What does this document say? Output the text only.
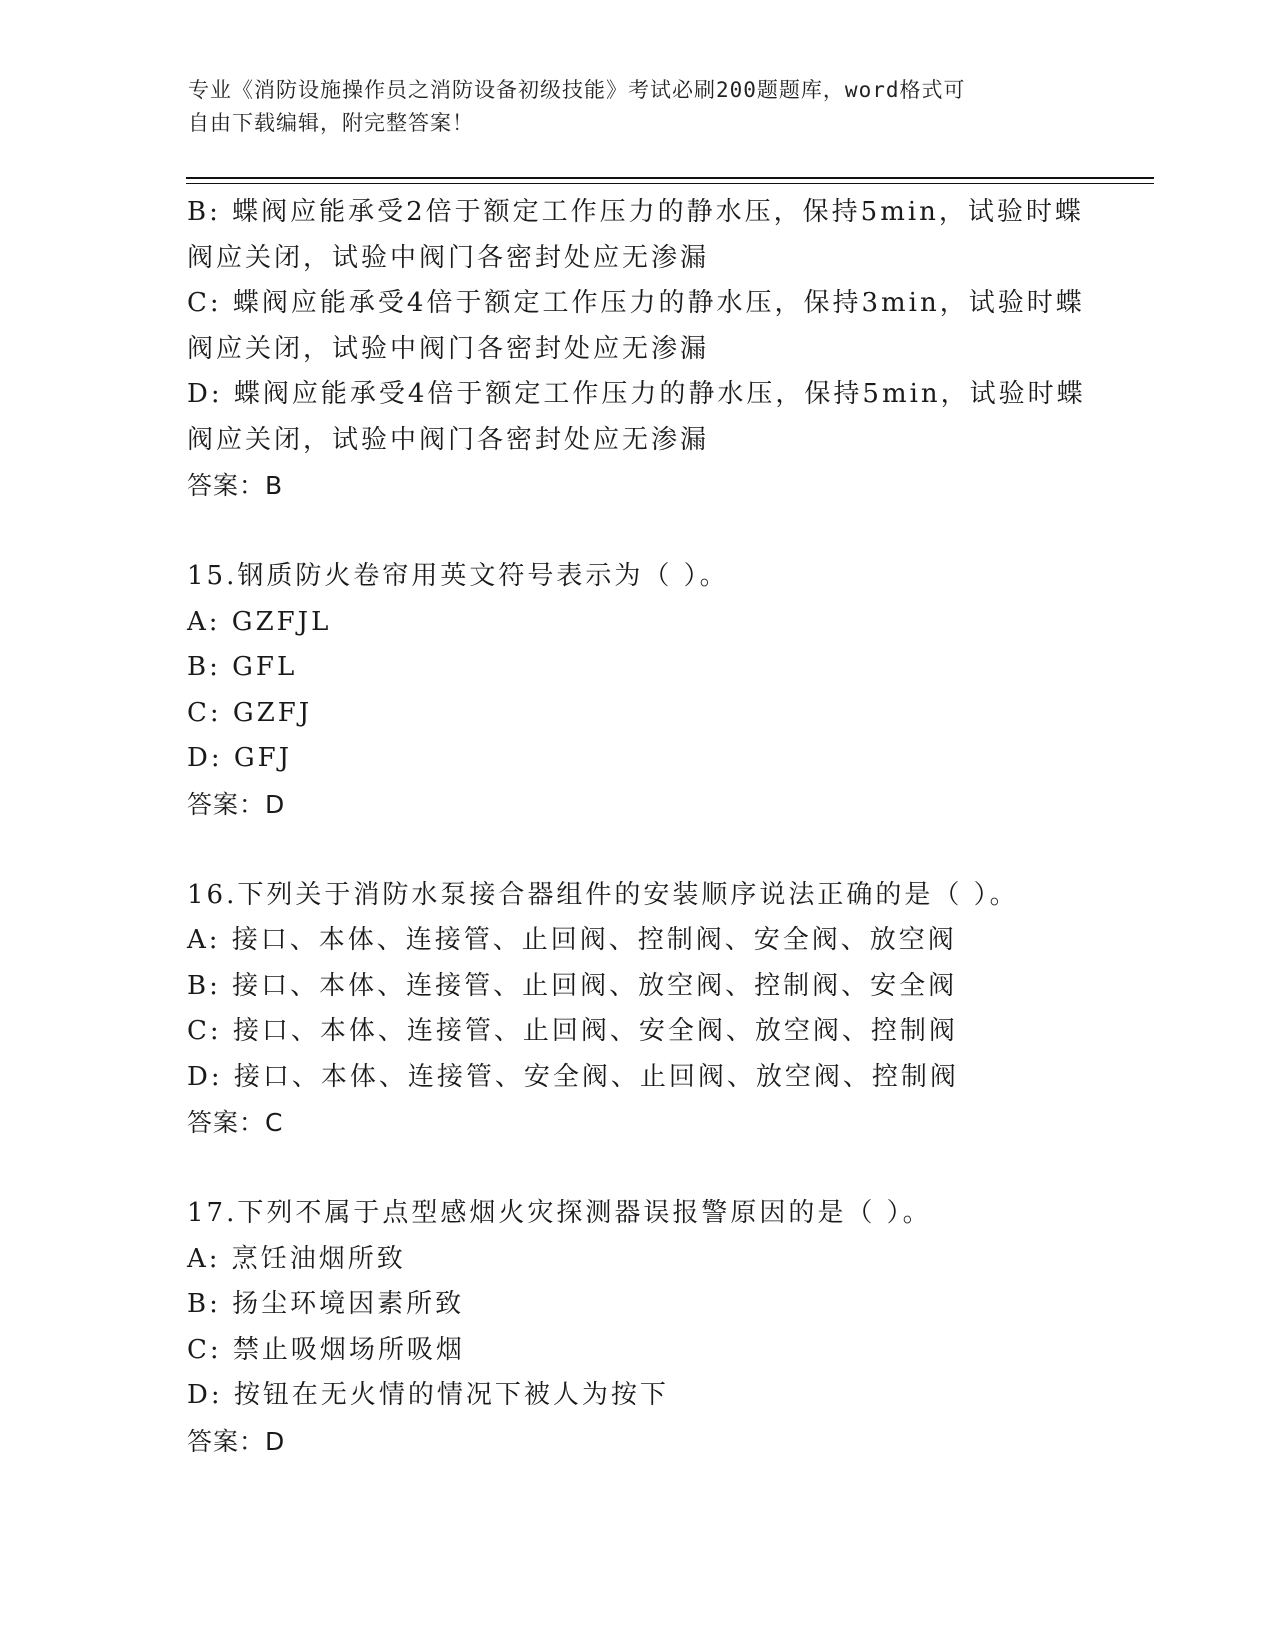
专业《消防设施操作员之消防设备初级技能》考试必刷200题题库，word格式可
自由下载编辑，附完整答案！
B: 蝶阀应能承受2倍于额定工作压力的静水压，保持5min，试验时蝶
阀应关闭，试验中阀门各密封处应无渗漏
C: 蝶阀应能承受4倍于额定工作压力的静水压，保持3min，试验时蝶
阀应关闭，试验中阀门各密封处应无渗漏
D: 蝶阀应能承受4倍于额定工作压力的静水压，保持5min，试验时蝶
阀应关闭，试验中阀门各密封处应无渗漏
答案：B
15.钢质防火卷帘用英文符号表示为（ ）。
A: GZFJL
B: GFL
C: GZFJ
D: GFJ
答案：D
16.下列关于消防水泵接合器组件的安装顺序说法正确的是（ ）。
A: 接口、本体、连接管、止回阀、控制阀、安全阀、放空阀
B: 接口、本体、连接管、止回阀、放空阀、控制阀、安全阀
C: 接口、本体、连接管、止回阀、安全阀、放空阀、控制阀
D: 接口、本体、连接管、安全阀、止回阀、放空阀、控制阀
答案：C
17.下列不属于点型感烟火灾探测器误报警原因的是（ ）。
A: 烹饪油烟所致
B: 扬尘环境因素所致
C: 禁止吸烟场所吸烟
D: 按钮在无火情的情况下被人为按下
答案：D
